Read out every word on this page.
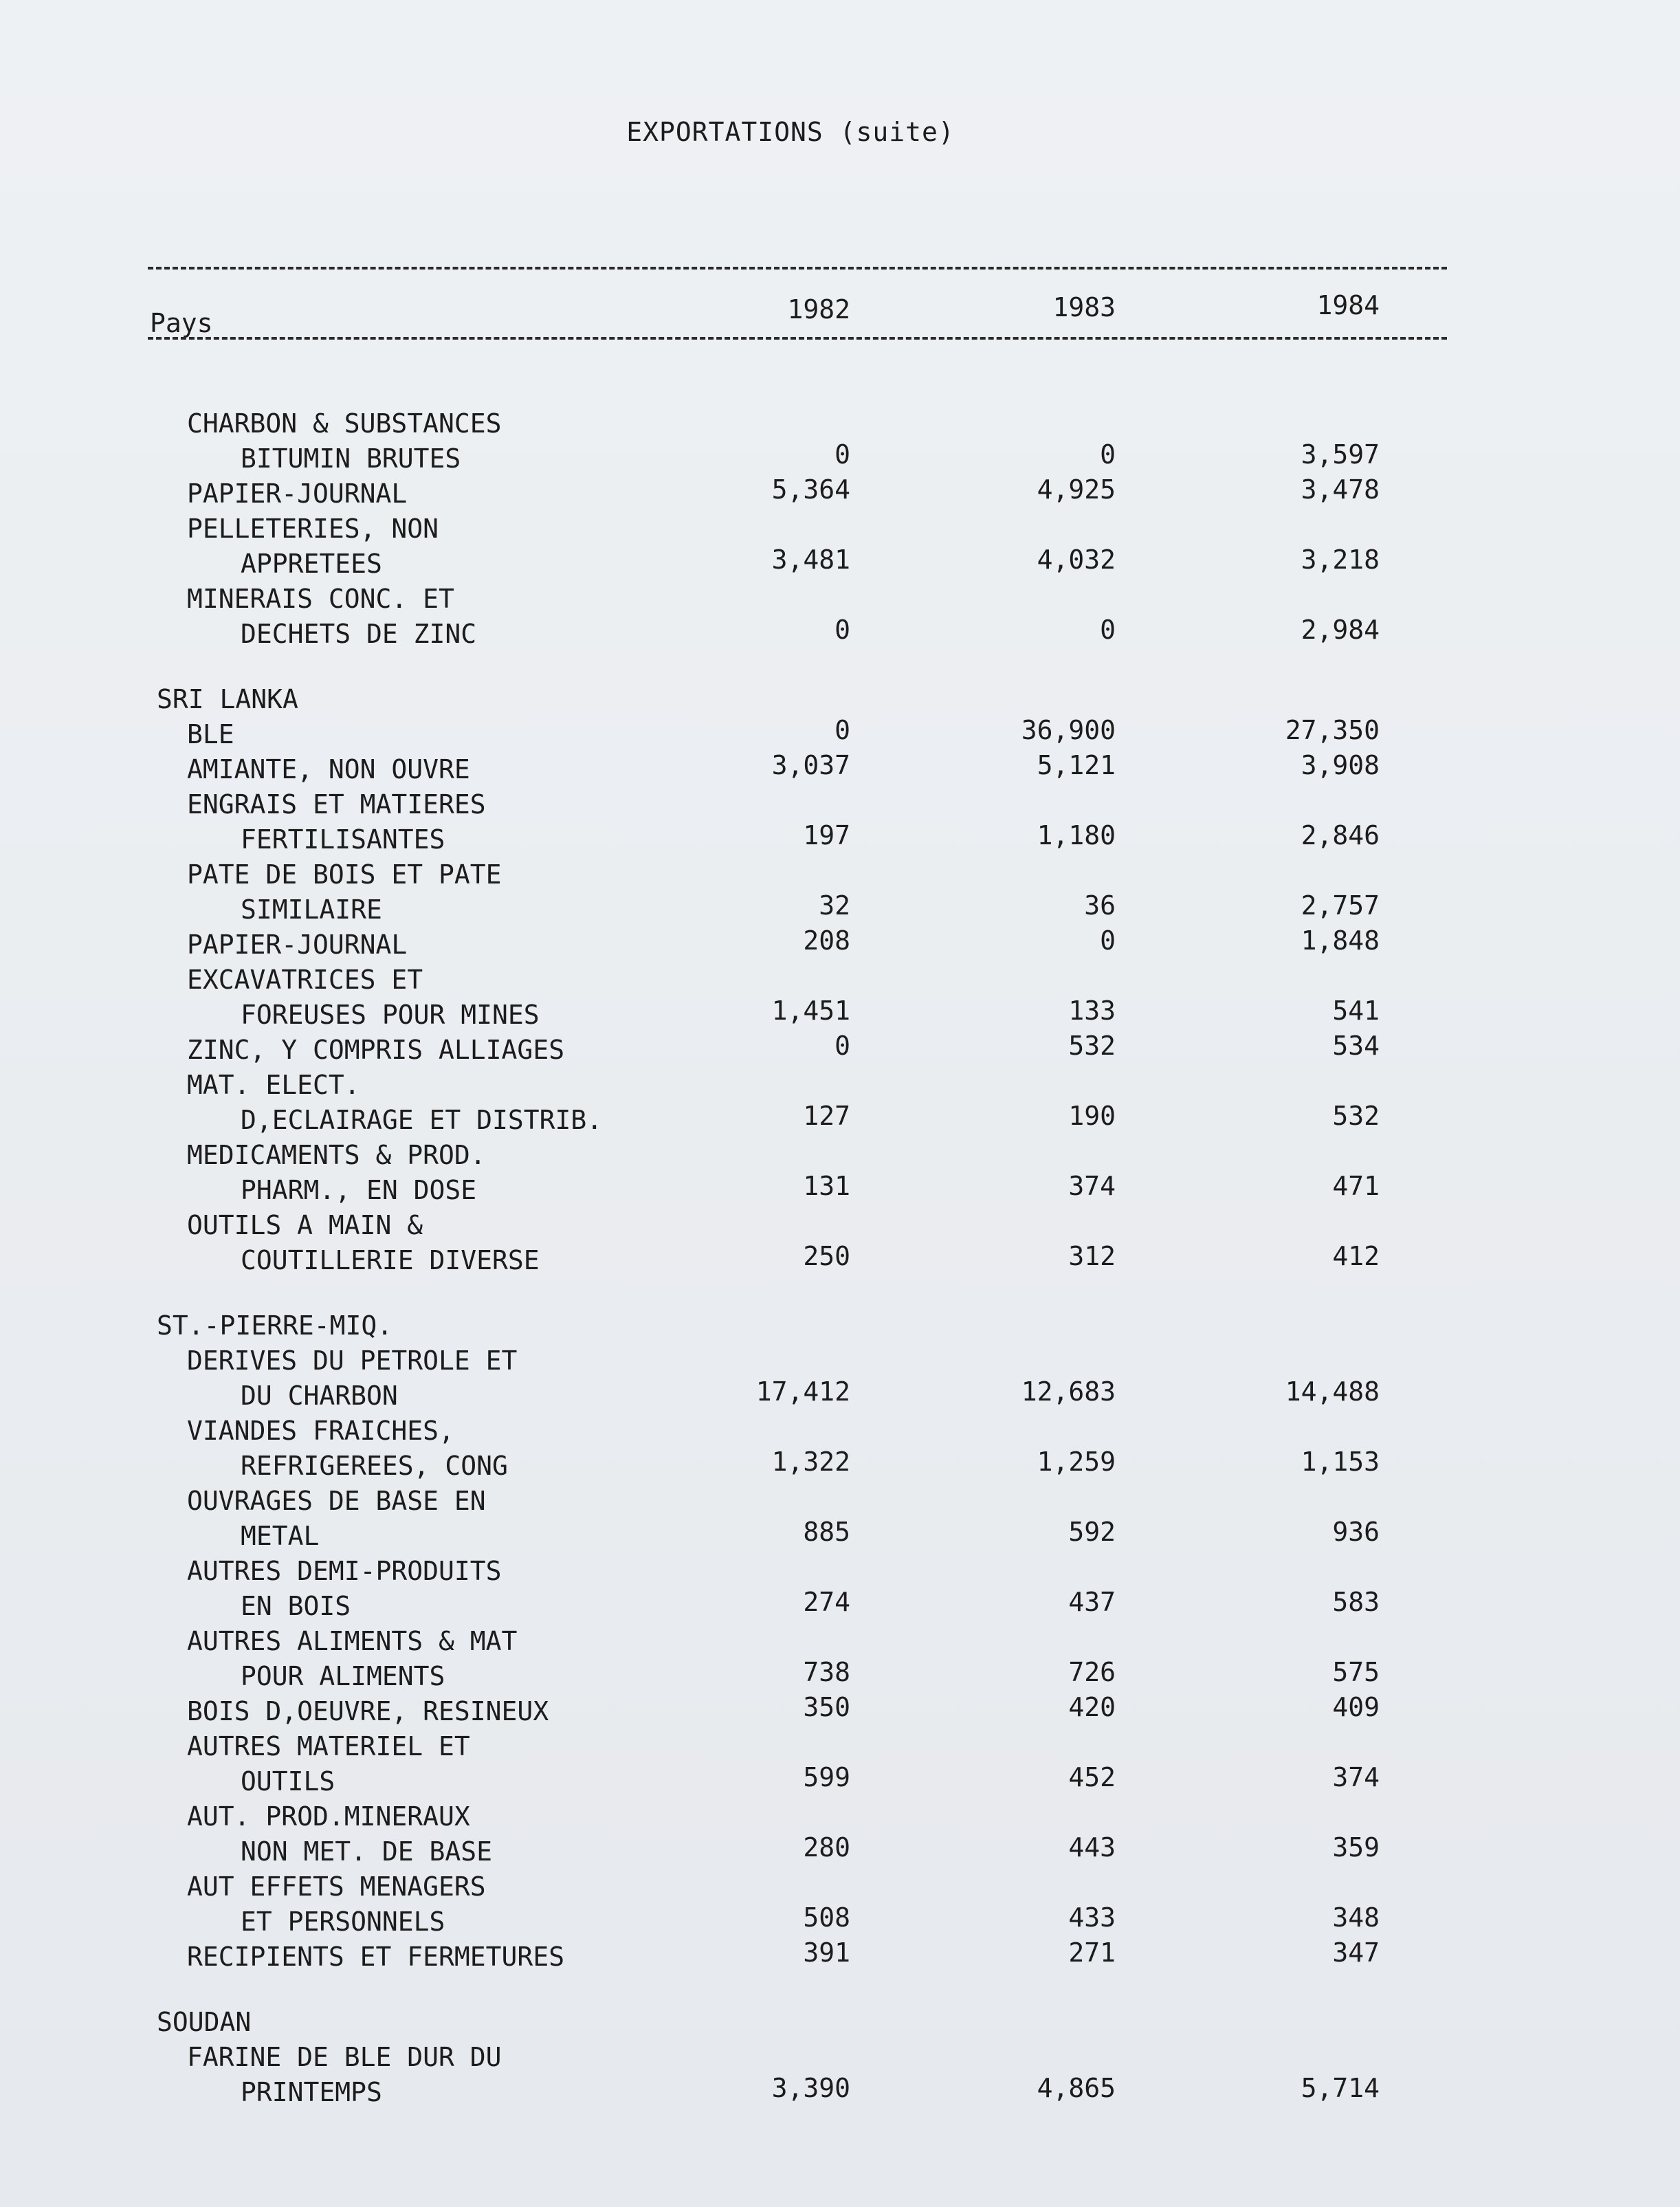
EXPORTATIONS (suite)
Pays	1982	1983	1984
CHARBON & SUBSTANCES
BITUMIN BRUTES	0	0	3,597
PAPIER-JOURNAL	5,364	4,925	3,478
PELLETERIES, NON
APPRETEES	3,481	4,032	3,218
MINERAIS CONC. ET
DECHETS DE ZINC	0	0	2,984
SRI LANKA
BLE	0	36,900	27,350
AMIANTE, NON OUVRE	3,037	5,121	3,908
ENGRAIS ET MATIERES
FERTILISANTES	197	1,180	2,846
PATE DE BOIS ET PATE
SIMILAIRE	32	36	2,757
PAPIER-JOURNAL	208	0	1,848
EXCAVATRICES ET
FOREUSES POUR MINES	1,451	133	541
ZINC, Y COMPRIS ALLIAGES	0	532	534
MAT. ELECT.
D,ECLAIRAGE ET DISTRIB.	127	190	532
MEDICAMENTS & PROD.
PHARM., EN DOSE	131	374	471
OUTILS A MAIN &
COUTILLERIE DIVERSE	250	312	412
ST.-PIERRE-MIQ.
DERIVES DU PETROLE ET
DU CHARBON	17,412	12,683	14,488
VIANDES FRAICHES,
REFRIGEREES, CONG	1,322	1,259	1,153
OUVRAGES DE BASE EN
METAL	885	592	936
AUTRES DEMI-PRODUITS
EN BOIS	274	437	583
AUTRES ALIMENTS & MAT
POUR ALIMENTS	738	726	575
BOIS D,OEUVRE, RESINEUX	350	420	409
AUTRES MATERIEL ET
OUTILS	599	452	374
AUT. PROD.MINERAUX
NON MET. DE BASE	280	443	359
AUT EFFETS MENAGERS
ET PERSONNELS	508	433	348
RECIPIENTS ET FERMETURES	391	271	347
SOUDAN
FARINE DE BLE DUR DU
PRINTEMPS	3,390	4,865	5,714
